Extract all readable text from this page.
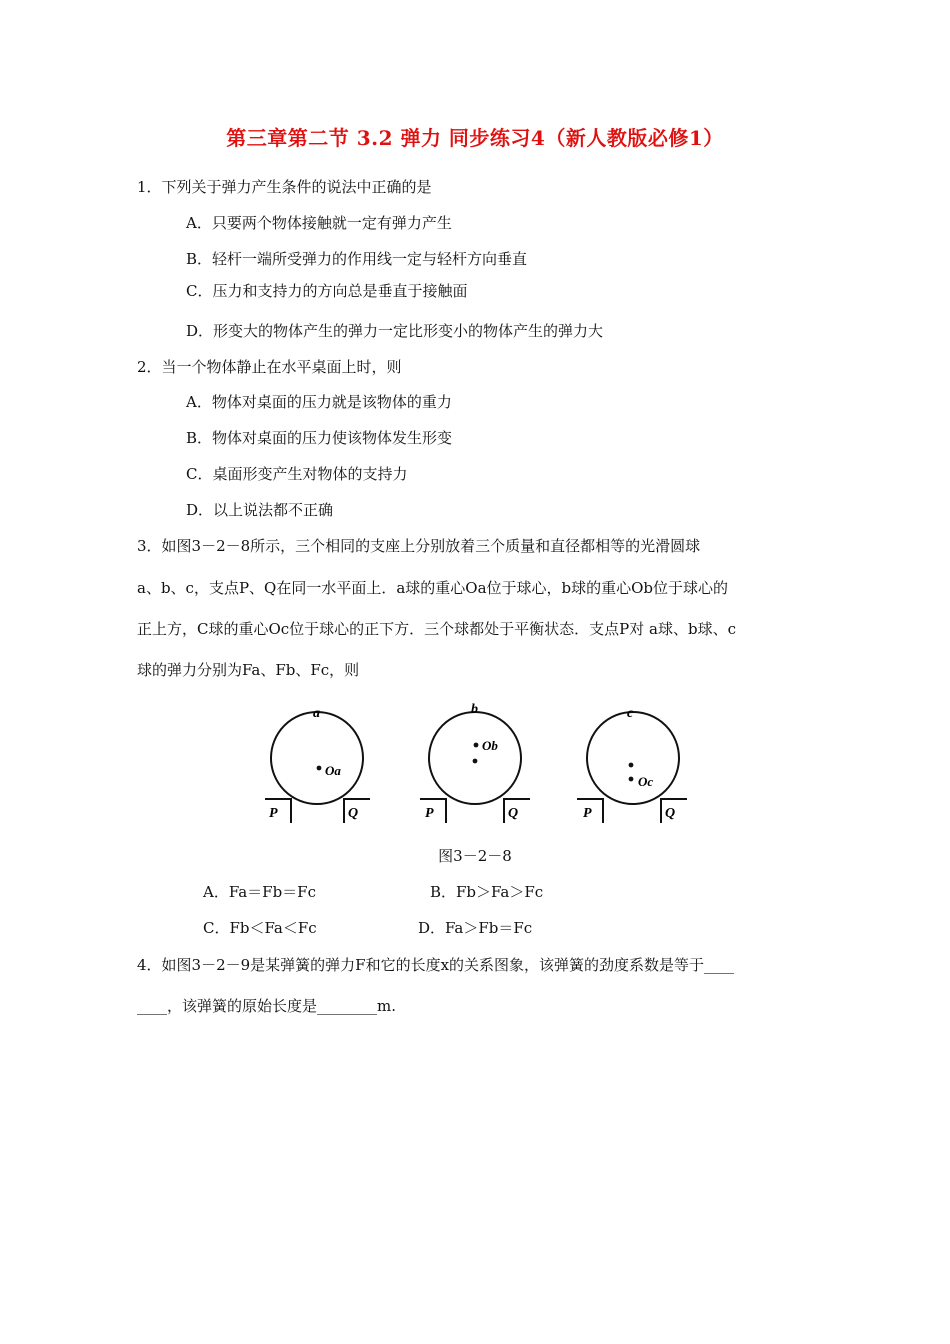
第三章第二节 3.2 弹力 同步练习4（新人教版必修1）
1．下列关于弹力产生条件的说法中正确的是
A．只要两个物体接触就一定有弹力产生
B．轻杆一端所受弹力的作用线一定与轻杆方向垂直
C．压力和支持力的方向总是垂直于接触面
D．形变大的物体产生的弹力一定比形变小的物体产生的弹力大
2．当一个物体静止在水平桌面上时，则
A．物体对桌面的压力就是该物体的重力
B．物体对桌面的压力使该物体发生形变
C．桌面形变产生对物体的支持力
D．以上说法都不正确
3．如图3－2－8所示，三个相同的支座上分别放着三个质量和直径都相等的光滑圆球
a、b、c，支点P、Q在同一水平面上．a球的重心Oa位于球心，b球的重心Ob位于球心的
正上方，C球的重心Oc位于球心的正下方．三个球都处于平衡状态．支点P对 a球、b球、c
球的弹力分别为Fa、Fb、Fc，则
a
Oa
P	Q
b
Ob
P	Q
c
Oc
P	Q
图3－2－8
A．Fa＝Fb＝Fc	B．Fb＞Fa＞Fc
C．Fb＜Fa＜Fc	D．Fa＞Fb＝Fc
4．如图3－2－9是某弹簧的弹力F和它的长度x的关系图象，该弹簧的劲度系数是等于____
____，该弹簧的原始长度是________m.
